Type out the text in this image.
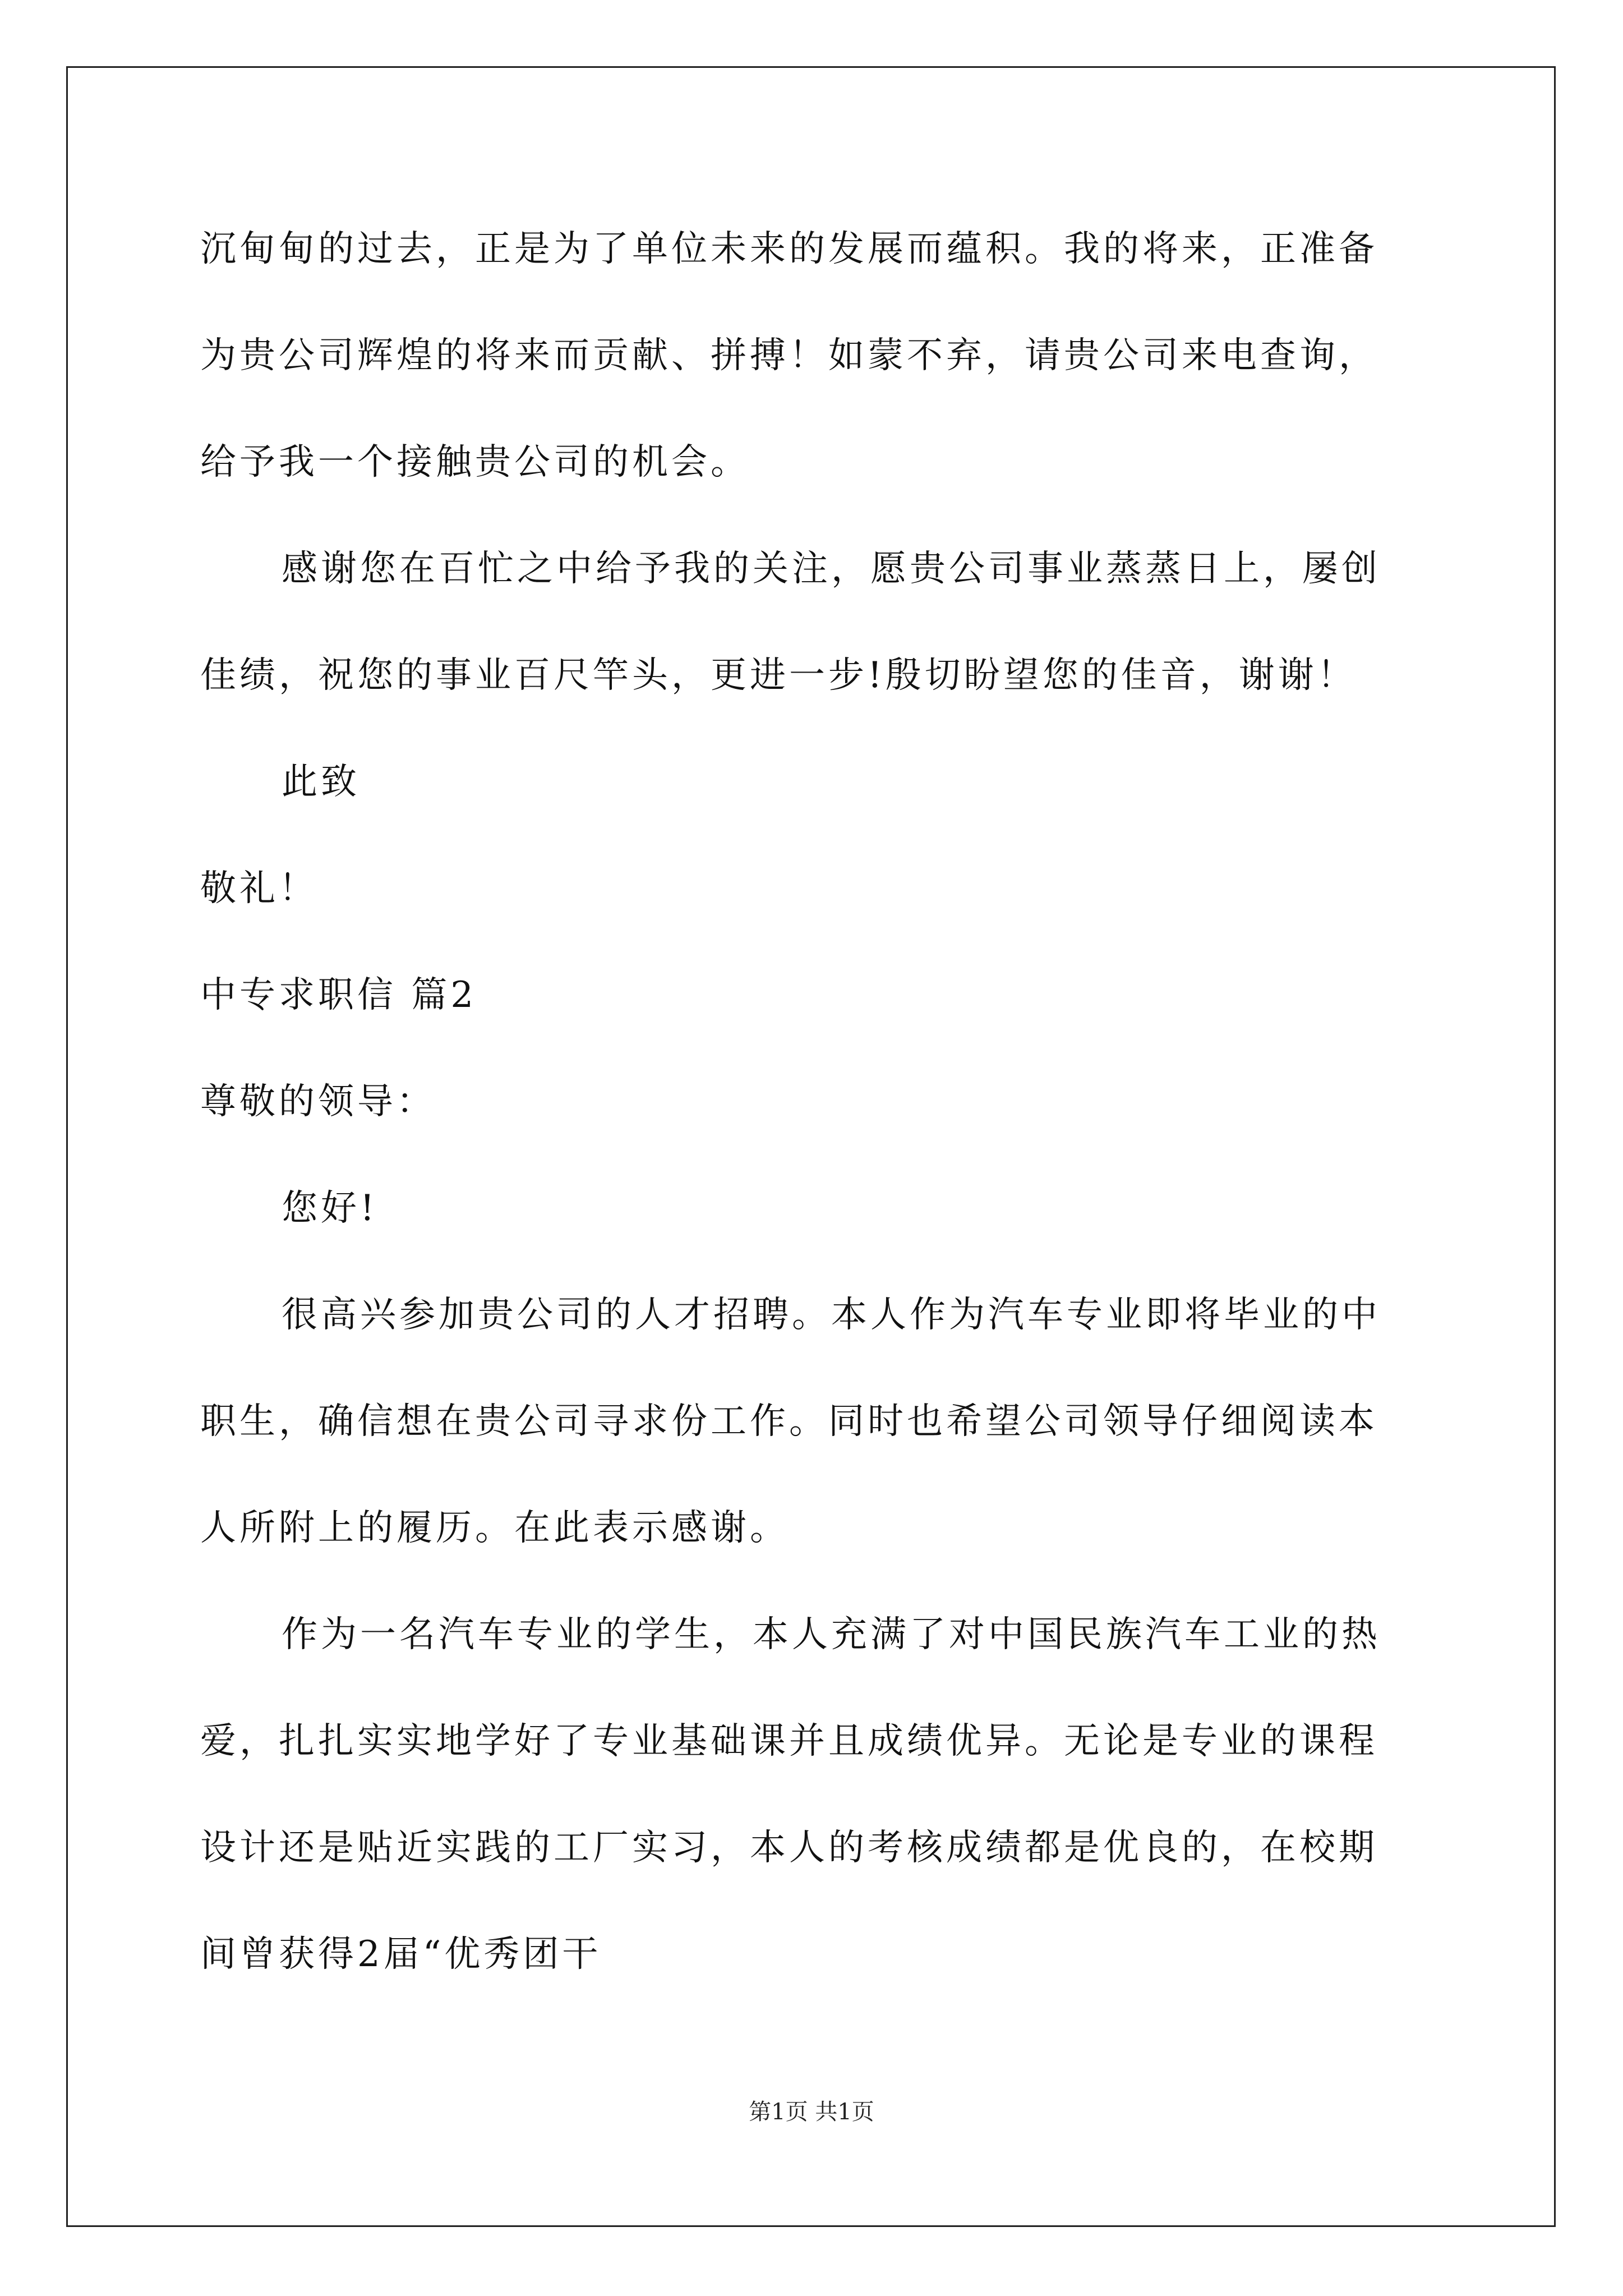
沉甸甸的过去，正是为了单位未来的发展而蕴积。我的将来，正准备
为贵公司辉煌的将来而贡献、拼搏！如蒙不弃，请贵公司来电查询，
给予我一个接触贵公司的机会。
感谢您在百忙之中给予我的关注，愿贵公司事业蒸蒸日上，屡创
佳绩，祝您的事业百尺竿头，更进一步!殷切盼望您的佳音，谢谢！
此致
敬礼！
中专求职信 篇2
尊敬的领导：
您好!
很高兴参加贵公司的人才招聘。本人作为汽车专业即将毕业的中
职生，确信想在贵公司寻求份工作。同时也希望公司领导仔细阅读本
人所附上的履历。在此表示感谢。
作为一名汽车专业的学生，本人充满了对中国民族汽车工业的热
爱，扎扎实实地学好了专业基础课并且成绩优异。无论是专业的课程
设计还是贴近实践的工厂实习，本人的考核成绩都是优良的，在校期
间曾获得2届“优秀团干
第1页 共1页
